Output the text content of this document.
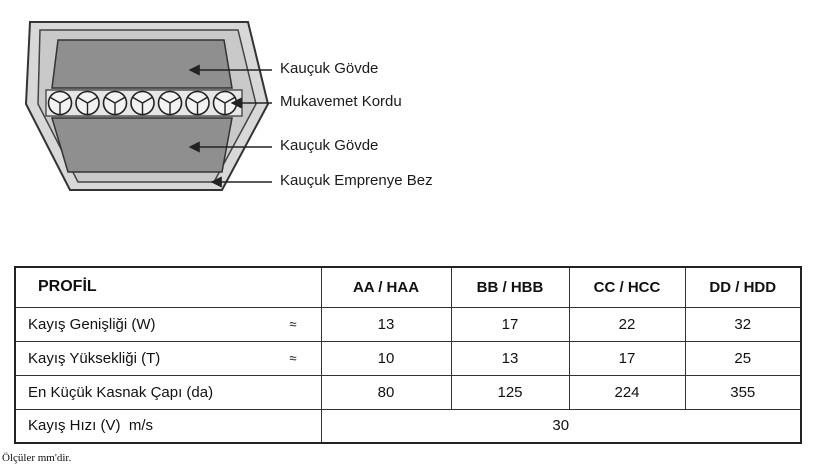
Kauçuk Gövde
Mukavemet Kordu
Kauçuk Gövde
Kauçuk Emprenye Bez
PROFİL	AA / HAA	BB / HBB	CC / HCC	DD / HDD
Kayış Genişliği (W) ≈	13	17	22	32
Kayış Yüksekliği (T) ≈	10	13	17	25
En Küçük Kasnak Çapı (da)	80	125	224	355
Kayış Hızı (V)  m/s	30			
Ölçüler mm'dir.
